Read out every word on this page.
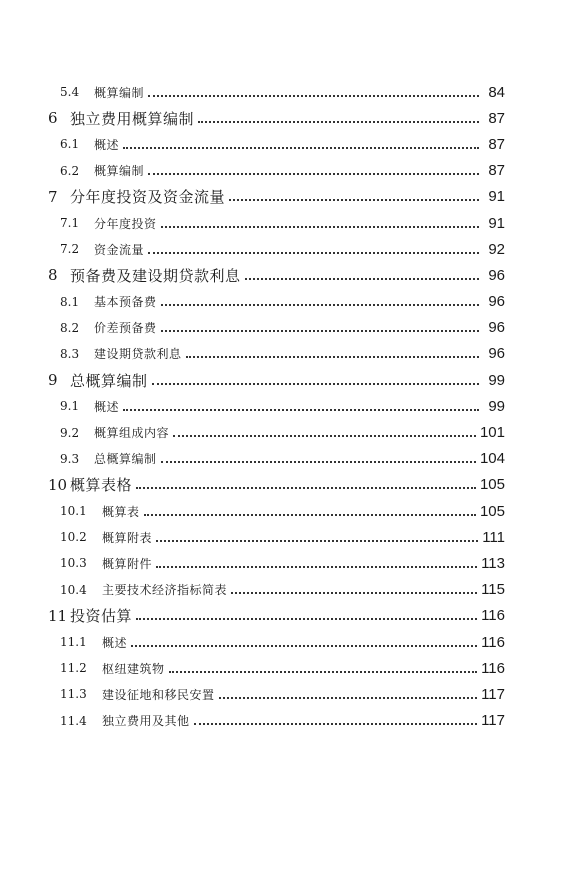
5.4	概算编制	84
6 独立费用概算编制	87
6.1	概述	87
6.2	概算编制	87
7 分年度投资及资金流量	91
7.1	分年度投资	91
7.2	资金流量	92
8 预备费及建设期贷款利息	96
8.1	基本预备费	96
8.2	价差预备费	96
8.3	建设期贷款利息	96
9 总概算编制	99
9.1	概述	99
9.2	概算组成内容	101
9.3	总概算编制	104
10 概算表格	105
10.1	概算表	105
10.2	概算附表	111
10.3	概算附件	113
10.4	主要技术经济指标简表	115
11 投资估算	116
11.1	概述	116
11.2	枢纽建筑物	116
11.3	建设征地和移民安置	117
11.4	独立费用及其他	117
